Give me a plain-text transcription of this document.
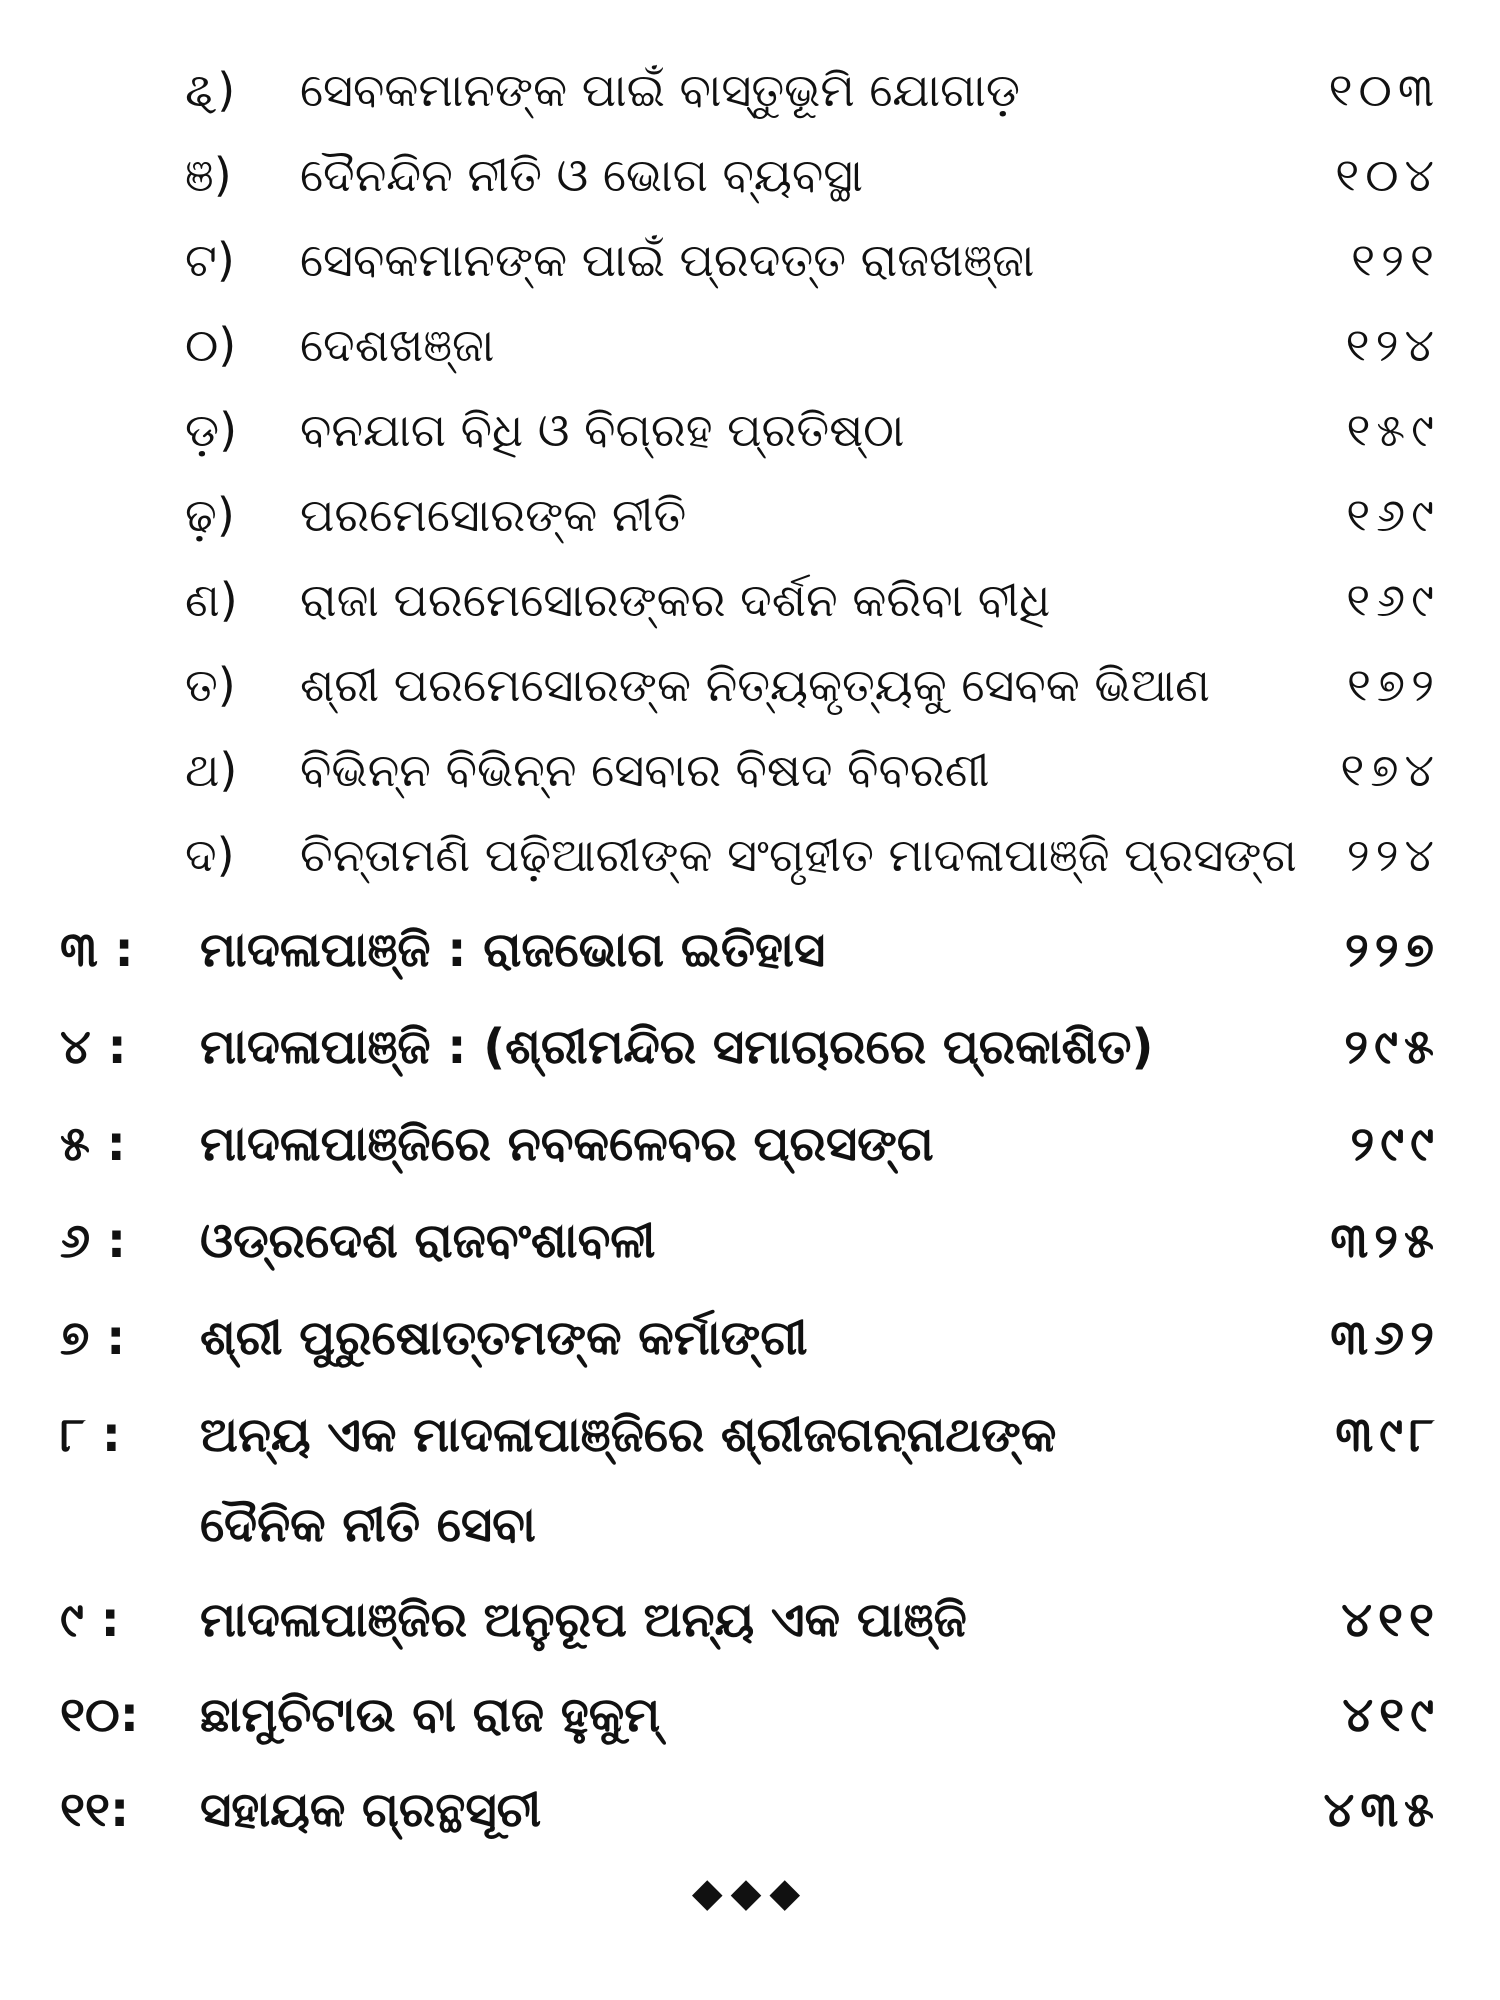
ୡ) ସେବକମାନଙ୍କ ପାଇଁ ବାସ୍ତୁଭୂମି ଯୋଗାଡ଼	୧୦୩
ଞ) ଦୈନନ୍ଦିନ ନୀତି ଓ ଭୋଗ ବ୍ୟବସ୍ଥା	୧୦୪
ଟ) ସେବକମାନଙ୍କ ପାଇଁ ପ୍ରଦତ୍ତ ରାଜଖଞ୍ଜା	୧୨୧
୦) ଦେଶଖଞ୍ଜା	୧୨୪
ଡ଼) ବନଯାଗ ବିଧି ଓ ବିଗ୍ରହ ପ୍ରତିଷ୍ଠା	୧୫୯
ଢ଼) ପରମେସୋରଙ୍କ ନୀତି	୧୬୯
ଣ) ରାଜା ପରମେସୋରଙ୍କର ଦର୍ଶନ କରିବା ବୀଧି	୧୬୯
ତ) ଶ୍ରୀ ପରମେସୋରଙ୍କ ନିତ୍ୟକୃତ୍ୟକୁ ସେବକ ଭିଆଣ	୧୭୨
ଥ) ବିଭିନ୍ନ ବିଭିନ୍ନ ସେବାର ବିଷଦ ବିବରଣୀ	୧୭୪
ଦ) ଚିନ୍ତାମଣି ପଢ଼ିଆରୀଙ୍କ ସଂଗୃହୀତ ମାଦଳାପାଞ୍ଜି ପ୍ରସଙ୍ଗ ୨୨୪
୩ : ମାଦଳାପାଞ୍ଜି : ରାଜଭୋଗ ଇତିହାସ	୨୨୭
୪ : ମାଦଳାପାଞ୍ଜି : (ଶ୍ରୀମନ୍ଦିର ସମାଚାରରେ ପ୍ରକାଶିତ)	୨୯୫
୫ : ମାଦଳାପାଞ୍ଜିରେ ନବକଳେବର ପ୍ରସଙ୍ଗ	୨୯୯
୬ : ଓଡ୍ରଦେଶ ରାଜବଂଶାବଳୀ	୩୨୫
୭ : ଶ୍ରୀ ପୁରୁଷୋତ୍ତମଙ୍କ କର୍ମାଙ୍ଗୀ	୩୬୨
୮ : ଅନ୍ୟ ଏକ ମାଦଳାପାଞ୍ଜିରେ ଶ୍ରୀଜଗନ୍ନାଥଙ୍କ	୩୯୮
ଦୈନିକ ନୀତି ସେବା
୯ : ମାଦଳାପାଞ୍ଜିର ଅନୁରୂପ ଅନ୍ୟ ଏକ ପାଞ୍ଜି	୪୧୧
୧୦: ଛାମୁଚିଟାଉ ବା ରାଜ ହୁକୁମ୍	୪୧୯
୧୧: ସହାୟକ ଗ୍ରନ୍ଥସୂଚୀ	୪୩୫
◆◆◆
